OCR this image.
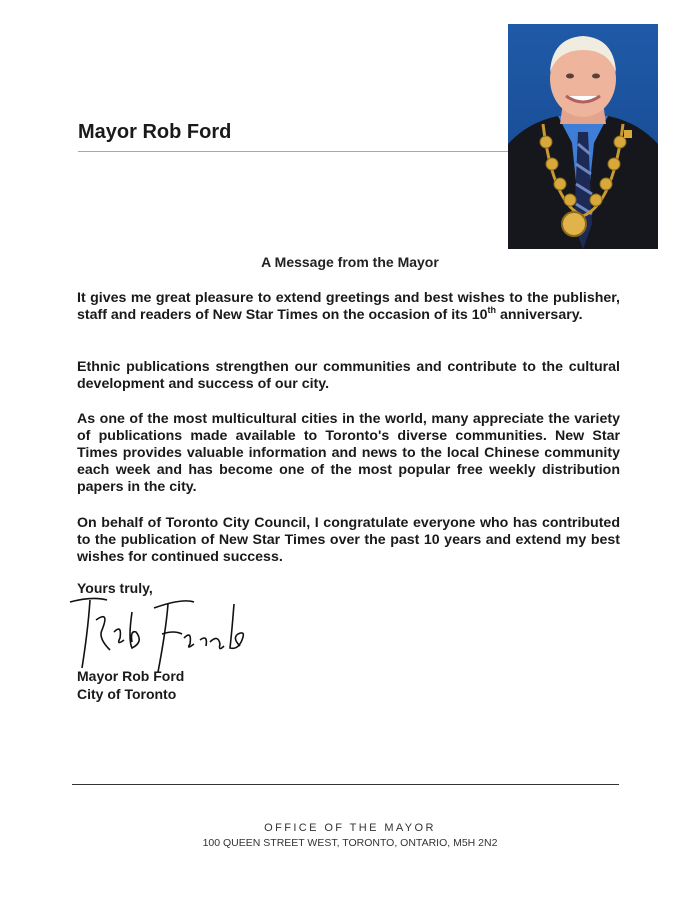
Mayor Rob Ford
A Message from the Mayor

It gives me great pleasure to extend greetings and best wishes to the publisher, staff and readers of New Star Times on the occasion of its 10th anniversary.

Ethnic publications strengthen our communities and contribute to the cultural development and success of our city.

As one of the most multicultural cities in the world, many appreciate the variety of publications made available to Toronto's diverse communities. New Star Times provides valuable information and news to the local Chinese community each week and has become one of the most popular free weekly distribution papers in the city.

On behalf of Toronto City Council, I congratulate everyone who has contributed to the publication of New Star Times over the past 10 years and extend my best wishes for continued success.

Yours truly,
Mayor Rob Ford
City of Toronto
OFFICE OF THE MAYOR
100 QUEEN STREET WEST, TORONTO, ONTARIO, M5H 2N2
